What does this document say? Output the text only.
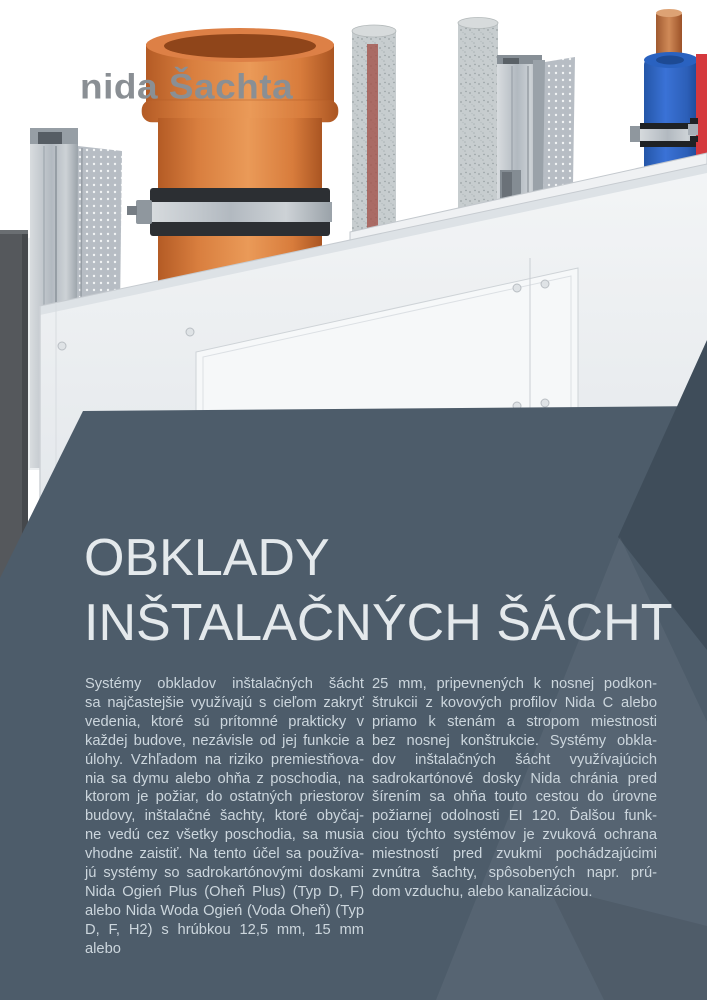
nida Šachta
OBKLADY
INŠTALAČNÝCH ŠÁCHT
Systémy obkladov inštalačných šácht
sa najčastejšie využívajú s cieľom zakryť
vedenia, ktoré sú prítomné prakticky v
každej budove, nezávisle od jej funkcie a
úlohy. Vzhľadom na riziko premiestňova-
nia sa dymu alebo ohňa z poschodia, na
ktorom je požiar, do ostatných priestorov
budovy, inštalačné šachty, ktoré obyčaj-
ne vedú cez všetky poschodia, sa musia
vhodne zaistiť. Na tento účel sa používa-
jú systémy so sadrokartónovými doskami
Nida Ogień Plus (Oheň Plus) (Typ D, F)
alebo Nida Woda Ogień (Voda Oheň) (Typ
D, F, H2) s hrúbkou 12,5 mm, 15 mm alebo
25 mm, pripevnených k nosnej podkon-
štrukcii z kovových profilov Nida C alebo
priamo k stenám a stropom miestnosti
bez nosnej konštrukcie. Systémy obkla-
dov inštalačných šácht využívajúcich
sadrokartónové dosky Nida chránia pred
šírením sa ohňa touto cestou do úrovne
požiarnej odolnosti EI 120. Ďalšou funk-
ciou týchto systémov je zvuková ochrana
miestností pred zvukmi pochádzajúcimi
zvnútra šachty, spôsobených napr. prú-
dom vzduchu, alebo kanalizáciou.
